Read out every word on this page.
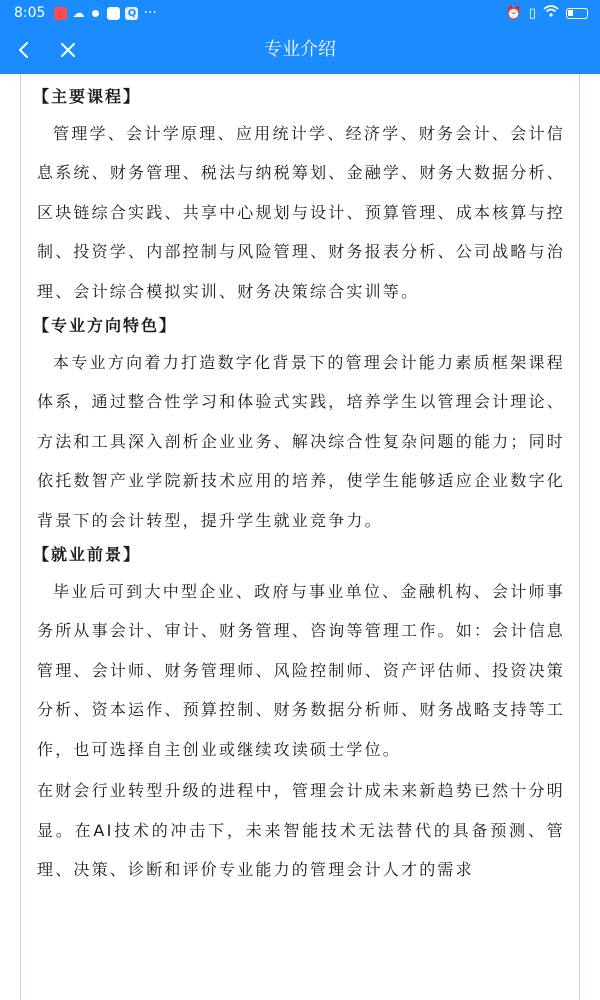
8:05 ☁	Q ···	⏰ ▯
专业介绍
【主要课程】

管理学、会计学原理、应用统计学、经济学、财务会计、会计信息系统、财务管理、税法与纳税筹划、金融学、财务大数据分析、区块链综合实践、共享中心规划与设计、预算管理、成本核算与控制、投资学、内部控制与风险管理、财务报表分析、公司战略与治理、会计综合模拟实训、财务决策综合实训等。

【专业方向特色】

本专业方向着力打造数字化背景下的管理会计能力素质框架课程体系，通过整合性学习和体验式实践，培养学生以管理会计理论、方法和工具深入剖析企业业务、解决综合性复杂问题的能力；同时依托数智产业学院新技术应用的培养，使学生能够适应企业数字化背景下的会计转型，提升学生就业竞争力。

【就业前景】

毕业后可到大中型企业、政府与事业单位、金融机构、会计师事务所从事会计、审计、财务管理、咨询等管理工作。如：会计信息管理、会计师、财务管理师、风险控制师、资产评估师、投资决策分析、资本运作、预算控制、财务数据分析师、财务战略支持等工作，也可选择自主创业或继续攻读硕士学位。

在财会行业转型升级的进程中，管理会计成未来新趋势已然十分明显。在AI技术的冲击下，未来智能技术无法替代的具备预测、管理、决策、诊断和评价专业能力的管理会计人才的需求
